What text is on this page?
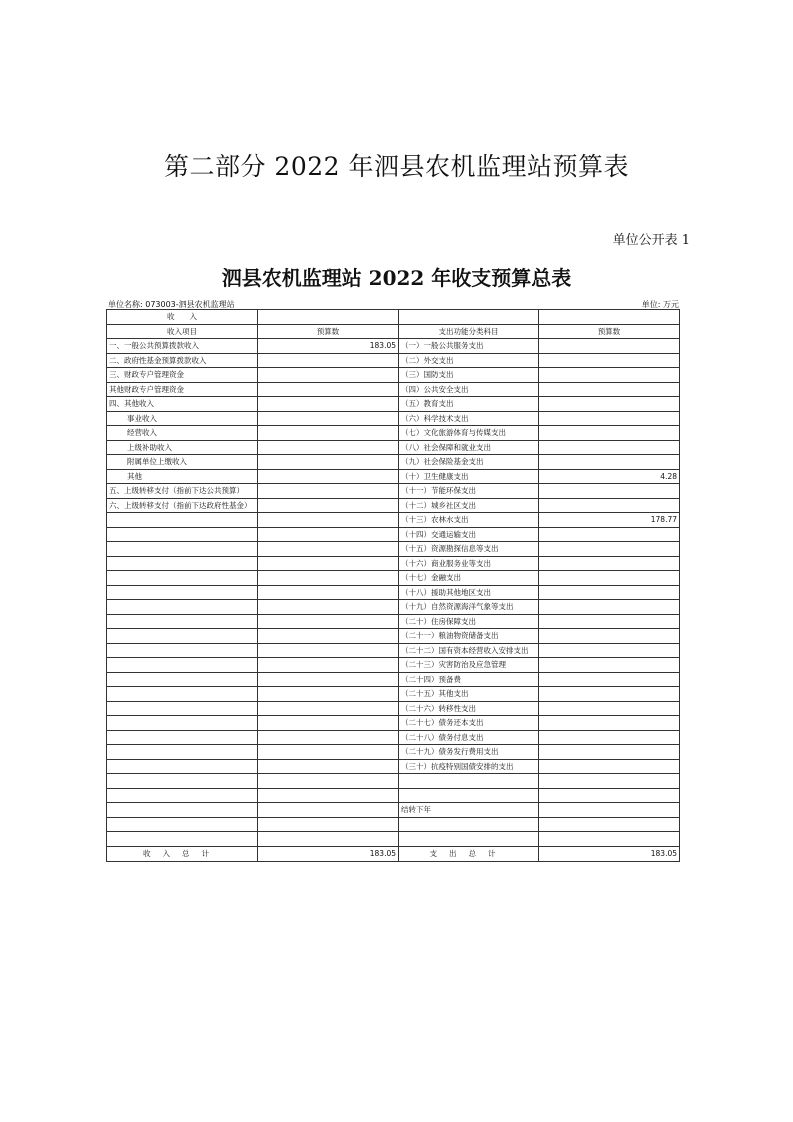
第二部分 2022 年泗县农机监理站预算表
单位公开表 1
泗县农机监理站 2022 年收支预算总表
单位名称: 073003-泗县农机监理站	单位: 万元
收　　入			
收入项目	预算数	支出功能分类科目	预算数
一、一般公共预算拨款收入	183.05	（一）一般公共服务支出	
二、政府性基金预算拨款收入		（二）外交支出	
三、财政专户管理资金		（三）国防支出	
其他财政专户管理资金		（四）公共安全支出	
四、其他收入		（五）教育支出	
事业收入		（六）科学技术支出	
经营收入		（七）文化旅游体育与传媒支出	
上级补助收入		（八）社会保障和就业支出	
附属单位上缴收入		（九）社会保险基金支出	
其他		（十）卫生健康支出	4.28
五、上级转移支付（指前下达公共预算）		（十一）节能环保支出	
六、上级转移支付（指前下达政府性基金）		（十二）城乡社区支出	
		（十三）农林水支出	178.77
		（十四）交通运输支出	
		（十五）资源勘探信息等支出	
		（十六）商业服务业等支出	
		（十七）金融支出	
		（十八）援助其他地区支出	
		（十九）自然资源海洋气象等支出	
		（二十）住房保障支出	
		（二十一）粮油物资储备支出	
		（二十二）国有资本经营收入安排支出	
		（二十三）灾害防治及应急管理	
		（二十四）预备费	
		（二十五）其他支出	
		（二十六）转移性支出	
		（二十七）债务还本支出	
		（二十八）债务付息支出	
		（二十九）债务发行费用支出	
		（三十）抗疫特别国债安排的支出	

		结转下年	

收入总计	183.05	支出总计	183.05
